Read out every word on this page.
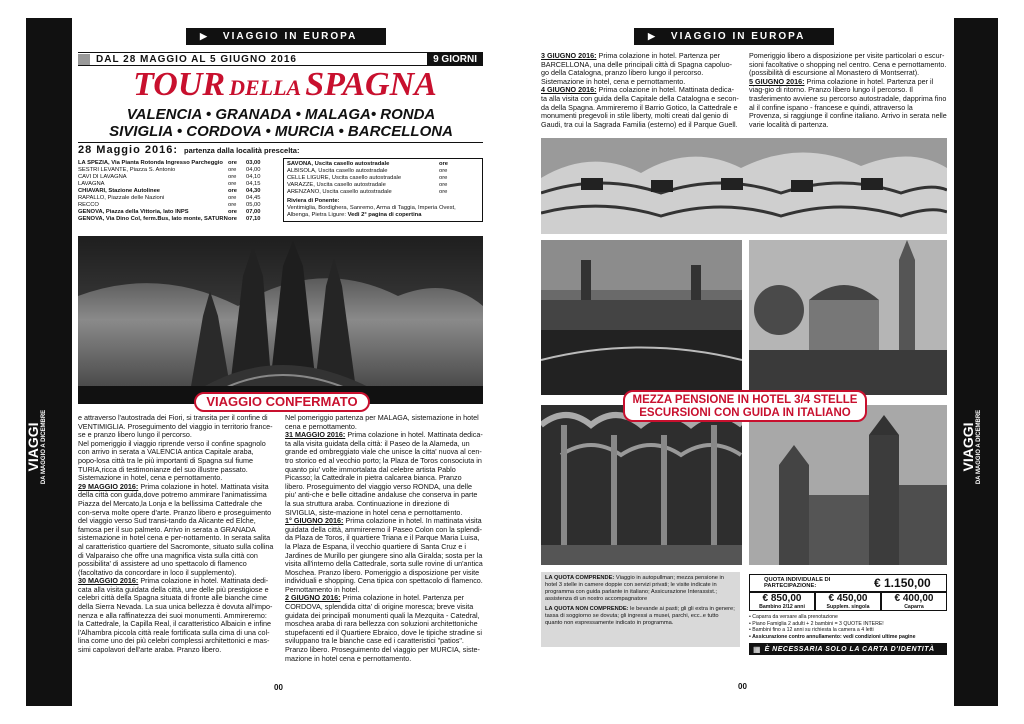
VIAGGI DA MAGGIO A DICEMBRE
▶ VIAGGIO IN EUROPA
DAL 28 MAGGIO AL 5 GIUGNO 2016	9 GIORNI
TOUR DELLA SPAGNA
VALENCIA • GRANADA • MALAGA• RONDA
SIVIGLIA • CORDOVA • MURCIA • BARCELLONA
28 Maggio 2016: partenza dalla località prescelta:
LA SPEZIA, Via Pianta Rotonda Ingresso Parcheggio ore	03,00
SESTRI LEVANTE, Piazza S. Antonio	ore	04,00
CAVI DI LAVAGNA	ore	04,10
LAVAGNA	ore	04,15
CHIAVARI, Stazione Autolinee	ore	04,30
RAPALLO, Piazzale delle Nazioni	ore	04,45
RECCO	ore	05,00
GENOVA, Piazza della Vittoria, lato INPS	ore	07,00
GENOVA, Via Dino Col, ferm.Bus, lato monte, SATURN ore	07,10
SAVONA, Uscita casello autostradale	ore
ALBISOLA, Uscita casello autostradale	ore
CELLE LIGURE, Uscita casello autostradale	ore
VARAZZE, Uscita casello autostradale	ore
ARENZANO, Uscita casello autostradale	ore
Riviera di Ponente:
Ventimiglia, Bordighera, Sanremo, Arma di Taggia, Imperia Ovest, Albenga, Pietra Ligure: Vedi 2° pagina di copertina
VIAGGIO CONFERMATO

e attraverso l'autostrada dei Fiori, si transita per il confine di VENTIMIGLIA. Proseguimento del viaggio in territorio france-se e pranzo libero lungo il percorso.

Nel pomeriggio il viaggio riprende verso il confine spagnolo con arrivo in serata a VALENCIA antica Capitale araba, popo-losa città tra le più importanti di Spagna sul fiume TURIA,ricca di testimonianze del suo illustre passato. Sistemazione in hotel, cena e pernottamento.

29 MAGGIO 2016: Prima colazione in hotel. Mattinata visita della città con guida,dove potremo ammirare l'animatissima Piazza del Mercato,la Lonja e la bellissima Cattedrale che con-serva molte opere d'arte. Pranzo libero e proseguimento del viaggio verso Sud transi-tando da Alicante ed Elche, famosa per il suo palmeto. Arrivo in serata a GRANADA sistemazione in hotel cena e per-nottamento. In serata salita al caratteristico quartiere del Sacromonte, situato sulla collina di Valparaiso che offre una magnifica vista sulla città con possibilita' di assistere ad uno spettacolo di flamenco (facoltativo da concordare in loco il supplemento).

30 MAGGIO 2016: Prima colazione in hotel. Mattinata dedi-cata alla visita guidata della città, une delle più prestigiose e celebri città della Spagna situata di fronte alle bianche cime della Sierra Nevada. La sua unica bellezza è dovuta all'impo-nenza e alla raffinatezza dei suoi monumenti. Ammireremo: la Cattedrale, la Capilla Real, il caratteristico Albaicin e infine l'Alhambra piccola città reale fortificata sulla cima di una col-lina come uno dei più celebri complessi architettonici e mas-simi capolavori dell'arte araba. Pranzo libero.

Nel pomeriggio partenza per MALAGA, sistemazione in hotel cena e pernottamento.

31 MAGGIO 2016: Prima colazione in hotel. Mattinata dedica-ta alla visita guidata della città: il Paseo de la Alameda, un grande ed ombreggiato viale che unisce la citta' nuova al cen-tro storico ed al vecchio porto; la Plaza de Toros consociuta in quanto piu' volte immortalata dal celebre artista Pablo Picasso; la Cattedrale in pietra calcarea bianca. Pranzo libero. Proseguimento del viaggio verso RONDA, una delle piu' anti-che e belle cittadine andaluse che conserva in parte la sua struttura araba. Continuazione in direzione di SIVIGLIA, siste-mazione in hotel cena e pernottamento.

1° GIUGNO 2016: Prima colazione in hotel. In mattinata visita guidata della città, ammireremo il Paseo Colon con la splendi-da Plaza de Toros, il quartiere Triana e il Parque Maria Luisa, la Plaza de Espana, il vecchio quartiere di Santa Cruz e i Jardines de Murillo per giungere sino alla Giralda; sosta per la visita all'interno della Cattedrale, sorta sulle rovine di un'antica Moschea. Pranzo libero. Pomeriggio a disposizione per visite individuali e shopping. Cena tipica con spettacolo di flamenco. Pernottamento in hotel.

2 GIUGNO 2016: Prima colazione in hotel. Partenza per CORDOVA, splendida citta' di origine moresca; breve visita guidata dei principali monumenti quali la Mezquita - Catedral, moschea araba di rara bellezza con soluzioni architettoniche stupefacenti ed il Quartiere Ebraico, dove le tipiche stradine si sviluppano tra le bianche case ed i caratteristici "patios". Pranzo libero. Proseguimento del viaggio per MURCIA, siste-mazione in hotel cena e pernottamento.

00
VIAGGI DA MAGGIO A DICEMBRE
▶ VIAGGIO IN EUROPA

3 GIUGNO 2016: Prima colazione in hotel. Partenza per BARCELLONA, una delle principali città di Spagna capoluo-go della Catalogna, pranzo libero lungo il percorso. Sistemazione in hotel, cena e pernottamento.

4 GIUGNO 2016: Prima colazione in hotel. Mattinata dedica-ta alla visita con guida della Capitale della Catalogna e secon-da della Spagna. Ammireremo il Barrio Gotico, la Cattedrale e monumenti pregevoli in stile liberty, molti creati dal genio di Gaudi, tra cui la Sagrada Familia (esterno) ed il Parque Guell.

Pomeriggio libero a disposizione per visite particolari o escur-sioni facoltative o shopping nel centro. Cena e pernottamento. (possibilità di escursione al Monastero di Montserrat).

5 GIUGNO 2016: Prima colazione in hotel. Partenza per il viag-gio di ritorno. Pranzo libero lungo il percorso. Il trasferimento avviene su percorso autostradale, dapprima fino al il confine ispano - francese e quindi, attraverso la Provenza, si raggiunge il confine italiano. Arrivo in serata nelle varie località di partenza.

MEZZA PENSIONE IN HOTEL 3/4 STELLE
ESCURSIONI CON GUIDA IN ITALIANO

LA QUOTA COMPRENDE: Viaggio in autopullman; mezza pensione in hotel 3 stelle in camere doppie con servizi privati; le visite indicate in programma con guida parlante in italiano; Assicurazione Interassist.; assistenza di un nostro accompagnatore

LA QUOTA NON COMPRENDE: le bevande ai pasti; gli gli extra in genere; tassa di soggiorno se dovuta; gli ingressi a musei, parchi, ecc..e tutto quanto non espressamente indicato in programma.

QUOTA INDIVIDUALE DI PARTECIPAZIONE:	€ 1.150,00
€ 850,00
Bambino 2/12 anni
€ 450,00
Supplem. singola
€ 400,00
Caparra
• Caparra da versare alla prenotazione
• Piano Famiglia 2 adulti + 2 bambini = 3 QUOTE INTERE!
• Bambini fino a 12 anni su richiesta la camera a 4 letti
• Assicurazione contro annullamento: vedi condizioni ultime pagine
▦ È NECESSARIA SOLO LA CARTA D'IDENTITÀ
00
